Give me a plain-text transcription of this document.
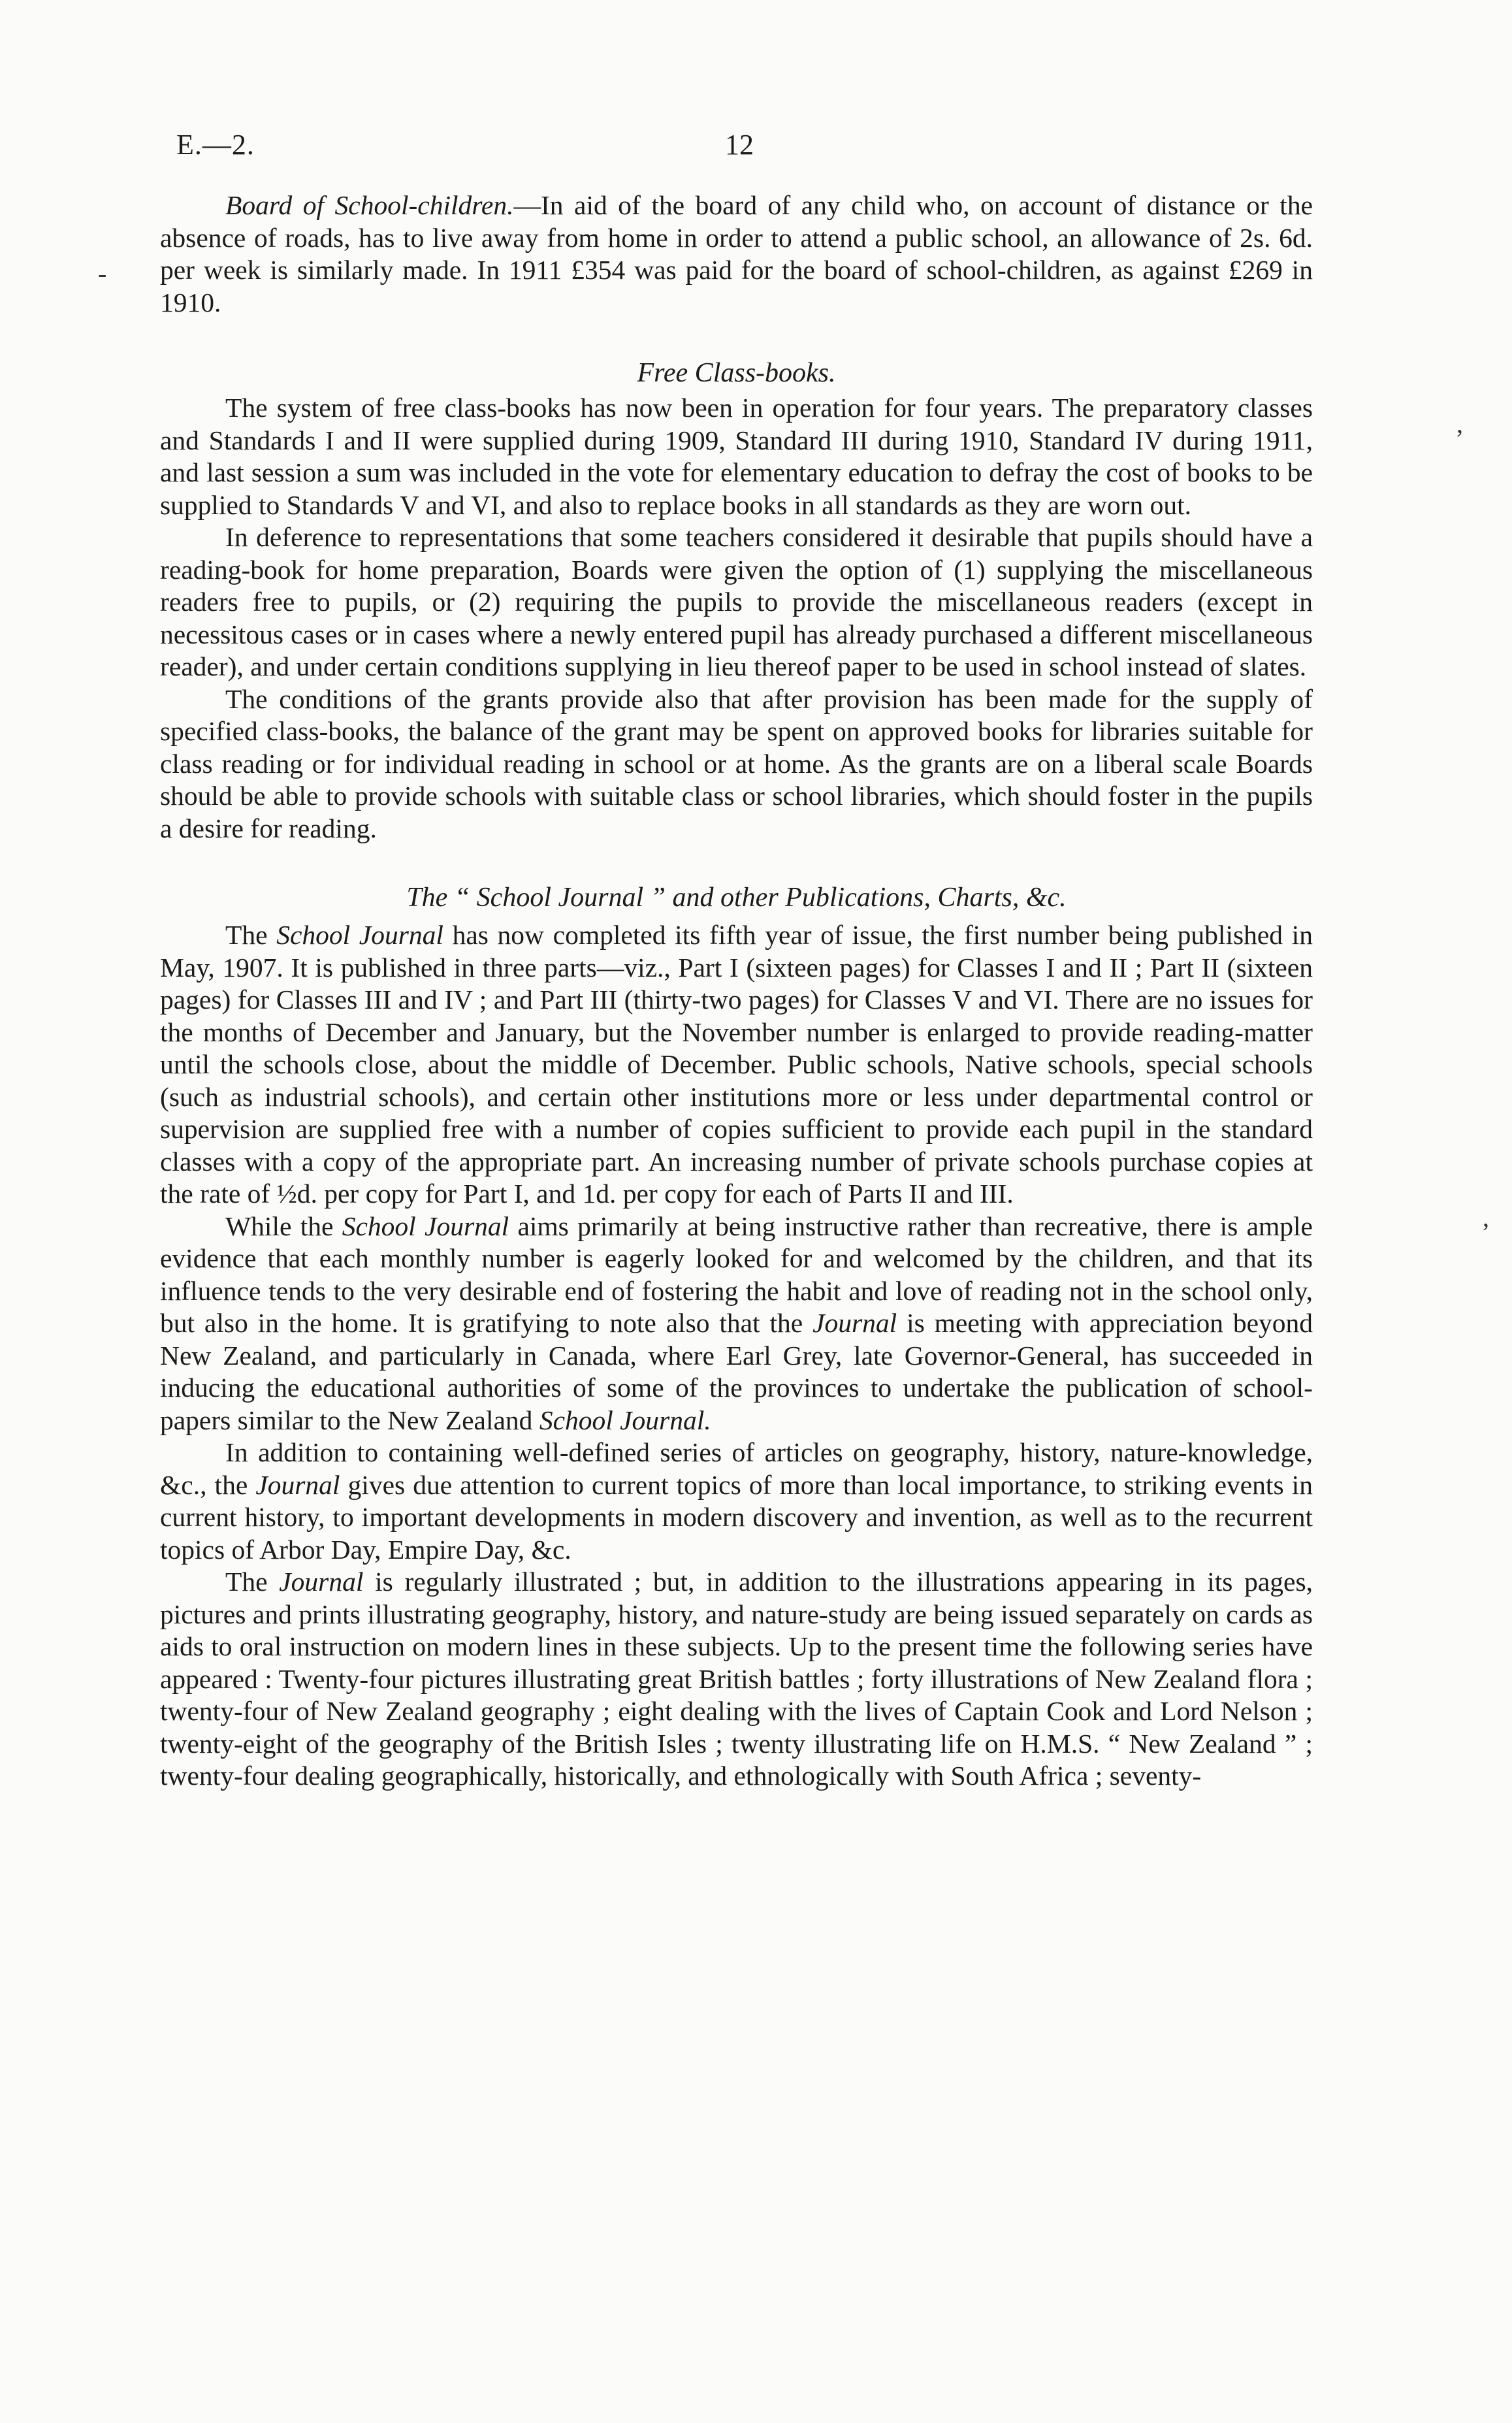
E.—2.	12
-
,
,

Board of School-children.—In aid of the board of any child who, on account of distance or the absence of roads, has to live away from home in order to attend a public school, an allowance of 2s. 6d. per week is similarly made. In 1911 £354 was paid for the board of school-children, as against £269 in 1910.

Free Class-books.

The system of free class-books has now been in operation for four years. The preparatory classes and Standards I and II were supplied during 1909, Standard III during 1910, Standard IV during 1911, and last session a sum was included in the vote for elementary education to defray the cost of books to be supplied to Standards V and VI, and also to replace books in all standards as they are worn out.

In deference to representations that some teachers considered it desirable that pupils should have a reading-book for home preparation, Boards were given the option of (1) supplying the miscellaneous readers free to pupils, or (2) requiring the pupils to provide the miscellaneous readers (except in necessitous cases or in cases where a newly entered pupil has already purchased a different miscellaneous reader), and under certain conditions supplying in lieu thereof paper to be used in school instead of slates.

The conditions of the grants provide also that after provision has been made for the supply of specified class-books, the balance of the grant may be spent on approved books for libraries suitable for class reading or for individual reading in school or at home. As the grants are on a liberal scale Boards should be able to provide schools with suitable class or school libraries, which should foster in the pupils a desire for reading.

The “ School Journal ” and other Publications, Charts, &c.

The School Journal has now completed its fifth year of issue, the first number being published in May, 1907. It is published in three parts—viz., Part I (sixteen pages) for Classes I and II ; Part II (sixteen pages) for Classes III and IV ; and Part III (thirty-two pages) for Classes V and VI. There are no issues for the months of December and January, but the November number is enlarged to provide reading-matter until the schools close, about the middle of December. Public schools, Native schools, special schools (such as industrial schools), and certain other institutions more or less under departmental control or supervision are supplied free with a number of copies sufficient to provide each pupil in the standard classes with a copy of the appropriate part. An increasing number of private schools purchase copies at the rate of ½d. per copy for Part I, and 1d. per copy for each of Parts II and III.

While the School Journal aims primarily at being instructive rather than recreative, there is ample evidence that each monthly number is eagerly looked for and welcomed by the children, and that its influence tends to the very desirable end of fostering the habit and love of reading not in the school only, but also in the home. It is gratifying to note also that the Journal is meeting with appreciation beyond New Zealand, and particularly in Canada, where Earl Grey, late Governor-General, has succeeded in inducing the educational authorities of some of the provinces to undertake the publication of school-papers similar to the New Zealand School Journal.

In addition to containing well-defined series of articles on geography, history, nature-knowledge, &c., the Journal gives due attention to current topics of more than local importance, to striking events in current history, to important developments in modern discovery and invention, as well as to the recurrent topics of Arbor Day, Empire Day, &c.

The Journal is regularly illustrated ; but, in addition to the illustrations appearing in its pages, pictures and prints illustrating geography, history, and nature-study are being issued separately on cards as aids to oral instruction on modern lines in these subjects. Up to the present time the following series have appeared : Twenty-four pictures illustrating great British battles ; forty illustrations of New Zealand flora ; twenty-four of New Zealand geography ; eight dealing with the lives of Captain Cook and Lord Nelson ; twenty-eight of the geography of the British Isles ; twenty illustrating life on H.M.S. “ New Zealand ” ; twenty-four dealing geographically, historically, and ethnologically with South Africa ; seventy-
